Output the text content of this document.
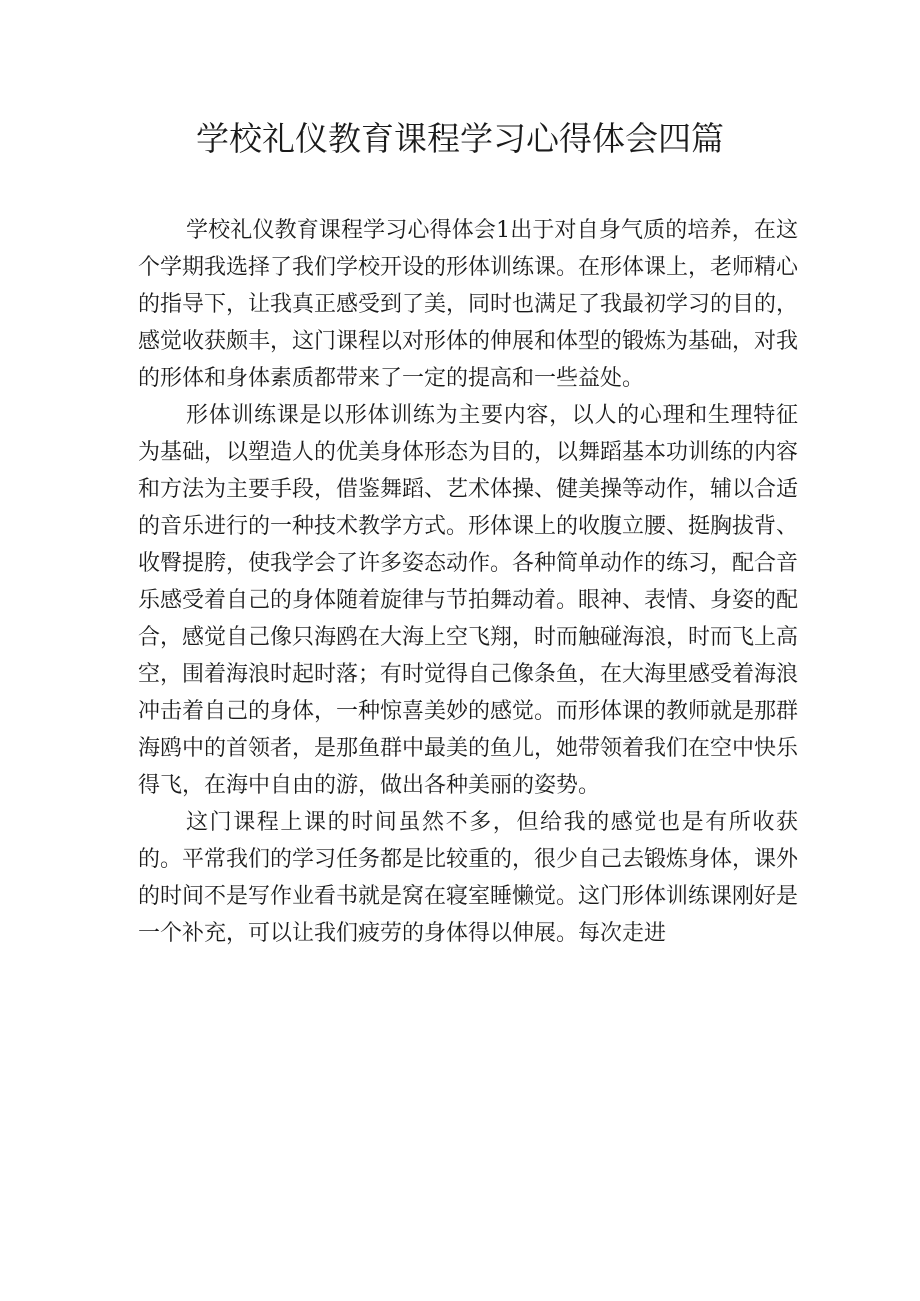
学校礼仪教育课程学习心得体会四篇

学校礼仪教育课程学习心得体会1出于对自身气质的培养，在这个学期我选择了我们学校开设的形体训练课。在形体课上，老师精心的指导下，让我真正感受到了美，同时也满足了我最初学习的目的，感觉收获颇丰，这门课程以对形体的伸展和体型的锻炼为基础，对我的形体和身体素质都带来了一定的提高和一些益处。

形体训练课是以形体训练为主要内容，以人的心理和生理特征为基础，以塑造人的优美身体形态为目的，以舞蹈基本功训练的内容和方法为主要手段，借鉴舞蹈、艺术体操、健美操等动作，辅以合适的音乐进行的一种技术教学方式。形体课上的收腹立腰、挺胸拔背、收臀提胯，使我学会了许多姿态动作。各种简单动作的练习，配合音乐感受着自己的身体随着旋律与节拍舞动着。眼神、表情、身姿的配合，感觉自己像只海鸥在大海上空飞翔，时而触碰海浪，时而飞上高空，围着海浪时起时落；有时觉得自己像条鱼，在大海里感受着海浪冲击着自己的身体，一种惊喜美妙的感觉。而形体课的教师就是那群海鸥中的首领者，是那鱼群中最美的鱼儿，她带领着我们在空中快乐得飞，在海中自由的游，做出各种美丽的姿势。

这门课程上课的时间虽然不多，但给我的感觉也是有所收获的。平常我们的学习任务都是比较重的，很少自己去锻炼身体，课外的时间不是写作业看书就是窝在寝室睡懒觉。这门形体训练课刚好是一个补充，可以让我们疲劳的身体得以伸展。每次走进
